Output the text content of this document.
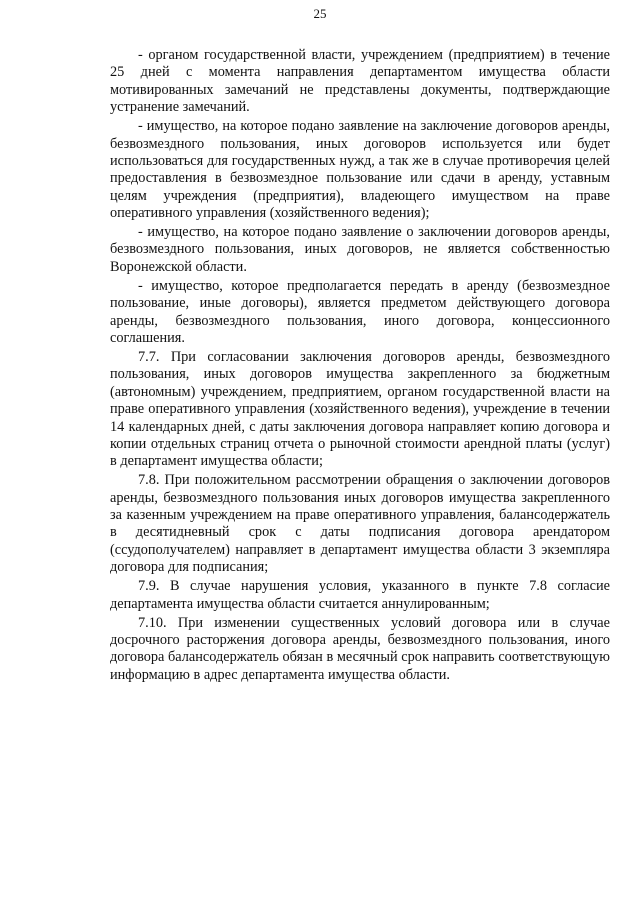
25

- органом государственной власти, учреждением (предприятием) в течение 25 дней с момента направления департаментом имущества области мотивированных замечаний не представлены документы, подтверждающие устранение замечаний.

- имущество, на которое подано заявление на заключение договоров аренды, безвозмездного пользования, иных договоров используется или будет использоваться для государственных нужд, а так же в случае противоречия целей предоставления в безвозмездное пользование или сдачи в аренду, уставным целям учреждения (предприятия), владеющего имуществом на праве оперативного управления (хозяйственного ведения);

- имущество, на которое подано заявление о заключении договоров аренды, безвозмездного пользования, иных договоров, не является собственностью Воронежской области.

- имущество, которое предполагается передать в аренду (безвозмездное пользование, иные договоры), является предметом действующего договора аренды, безвозмездного пользования, иного договора, концессионного соглашения.

7.7. При согласовании заключения договоров аренды, безвозмездного пользования, иных договоров имущества закрепленного за бюджетным (автономным) учреждением, предприятием, органом государственной власти на праве оперативного управления (хозяйственного ведения), учреждение в течении 14 календарных дней, с даты заключения договора направляет копию договора и копии отдельных страниц отчета о рыночной стоимости арендной платы (услуг) в департамент имущества области;

7.8. При положительном рассмотрении обращения о заключении договоров аренды, безвозмездного пользования иных договоров имущества закрепленного за казенным учреждением на праве оперативного управления, балансодержатель в десятидневный срок с даты подписания договора арендатором (ссудополучателем) направляет в департамент имущества области 3 экземпляра договора для подписания;

7.9. В случае нарушения условия, указанного в пункте 7.8 согласие департамента имущества области считается аннулированным;

7.10. При изменении существенных условий договора или в случае досрочного расторжения договора аренды, безвозмездного пользования, иного договора балансодержатель обязан в месячный срок направить соответствующую информацию в адрес департамента имущества области.
